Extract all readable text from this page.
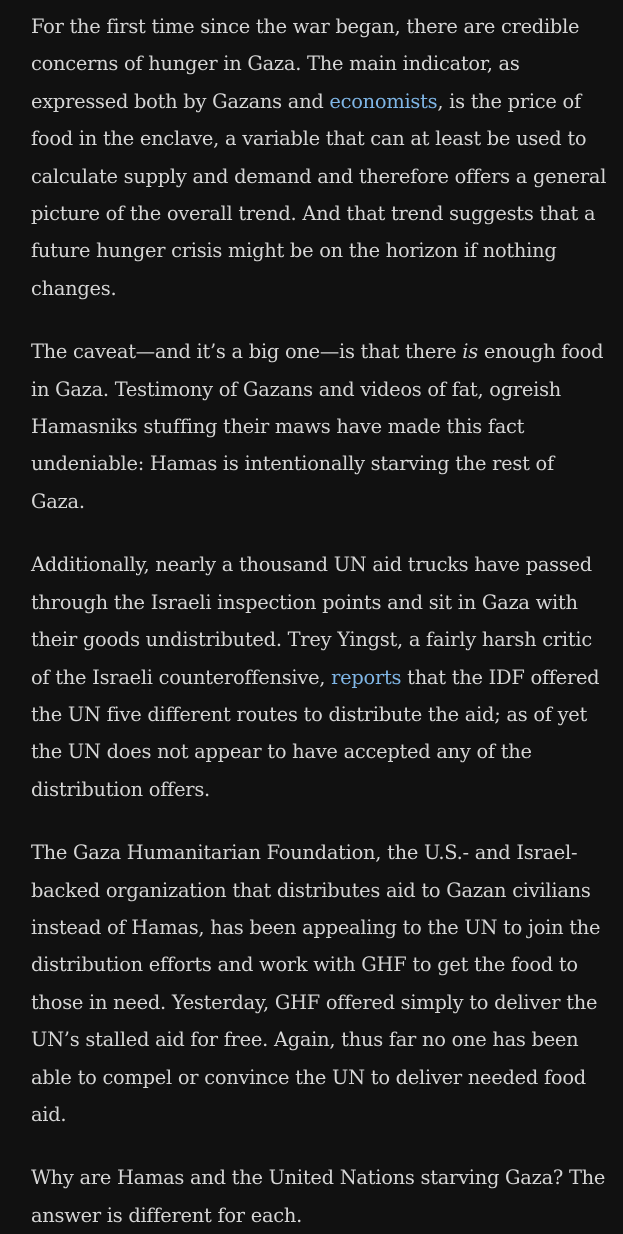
For the first time since the war began, there are credible concerns of hunger in Gaza. The main indicator, as expressed both by Gazans and economists, is the price of food in the enclave, a variable that can at least be used to calculate supply and demand and therefore offers a general picture of the overall trend. And that trend suggests that a future hunger crisis might be on the horizon if nothing changes.

The caveat—and it’s a big one—is that there is enough food in Gaza. Testimony of Gazans and videos of fat, ogreish Hamasniks stuffing their maws have made this fact undeniable: Hamas is intentionally starving the rest of Gaza.

Additionally, nearly a thousand UN aid trucks have passed through the Israeli inspection points and sit in Gaza with their goods undistributed. Trey Yingst, a fairly harsh critic of the Israeli counteroffensive, reports that the IDF offered the UN five different routes to distribute the aid; as of yet the UN does not appear to have accepted any of the distribution offers.

The Gaza Humanitarian Foundation, the U.S.- and Israel-backed organization that distributes aid to Gazan civilians instead of Hamas, has been appealing to the UN to join the distribution efforts and work with GHF to get the food to those in need. Yesterday, GHF offered simply to deliver the UN’s stalled aid for free. Again, thus far no one has been able to compel or convince the UN to deliver needed food aid.

Why are Hamas and the United Nations starving Gaza? The answer is different for each.
